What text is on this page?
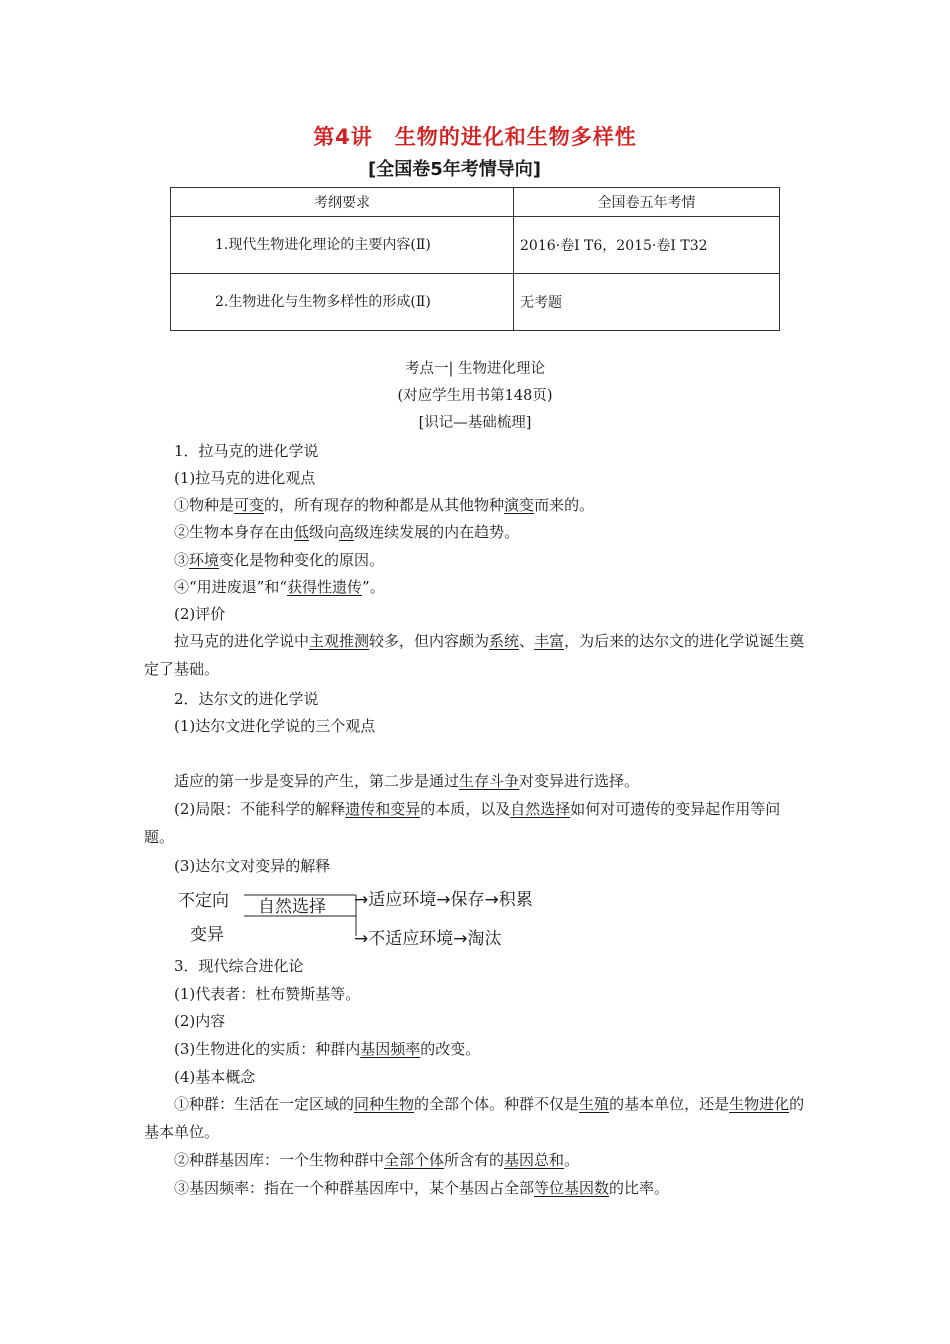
第4讲 生物的进化和生物多样性
[全国卷5年考情导向]
考纲要求	全国卷五年考情
1.现代生物进化理论的主要内容(Ⅱ)	2016·卷Ⅰ T6，2015·卷Ⅰ T32
2.生物进化与生物多样性的形成(Ⅱ)	无考题
考点一| 生物进化理论
(对应学生用书第148页)
[识记—基础梳理]
1．拉马克的进化学说
(1)拉马克的进化观点
①物种是可变的，所有现存的物种都是从其他物种演变而来的。
②生物本身存在由低级向高级连续发展的内在趋势。
③环境变化是物种变化的原因。
④“用进废退”和“获得性遗传”。
(2)评价
拉马克的进化学说中主观推测较多，但内容颇为系统、丰富，为后来的达尔文的进化学说诞生奠定了基础。
2．达尔文的进化学说
(1)达尔文进化学说的三个观点
适应的第一步是变异的产生，第二步是通过生存斗争对变异进行选择。
(2)局限：不能科学的解释遗传和变异的本质，以及自然选择如何对可遗传的变异起作用等问题。
(3)达尔文对变异的解释
不定向
变异
自然选择 →适应环境→保存→积累
→不适应环境→淘汰
3．现代综合进化论
(1)代表者：杜布赞斯基等。
(2)内容
(3)生物进化的实质：种群内基因频率的改变。
(4)基本概念
①种群：生活在一定区域的同种生物的全部个体。种群不仅是生殖的基本单位，还是生物进化的基本单位。
②种群基因库：一个生物种群中全部个体所含有的基因总和。
③基因频率：指在一个种群基因库中，某个基因占全部等位基因数的比率。
